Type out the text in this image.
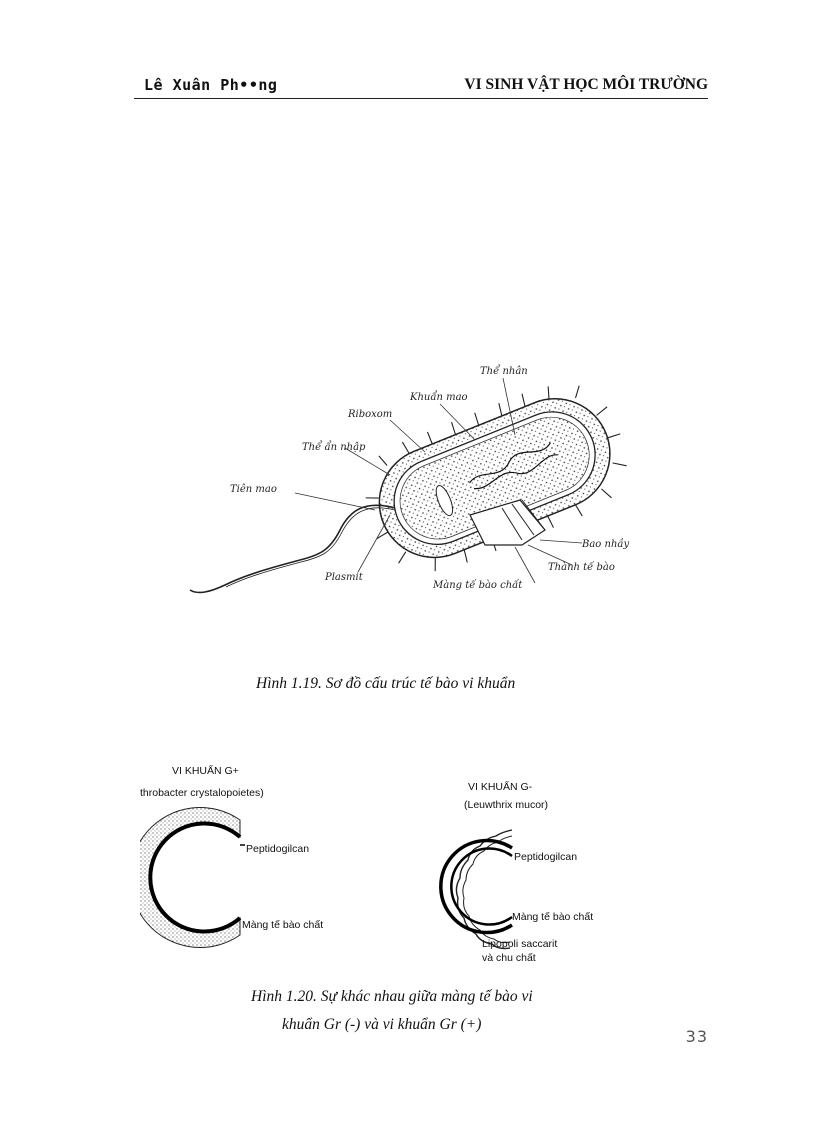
Lê Xuân Ph••ng	VI SINH VẬT HỌC MÔI TRƯỜNG
Thể nhân
Khuẩn mao
Riboxom
Thể ẩn nhập
Tiên mao
Plasmit
Bao nhầy
Thành tế bào
Màng tế bào chất
Hình 1.19. Sơ đồ cấu trúc tế bào vi khuẩn
VI KHUẨN G+
throbacter crystalopoietes)
Peptidogilcan
Màng tế bào chất
VI KHUẨN G-
(Leuwthrix mucor)
Peptidogilcan
Màng tế bào chất
Lipopoli saccarit
và chu chất
Hình 1.20. Sự khác nhau giữa màng tế bào vi
khuẩn Gr (-) và vi khuẩn Gr (+)
33
